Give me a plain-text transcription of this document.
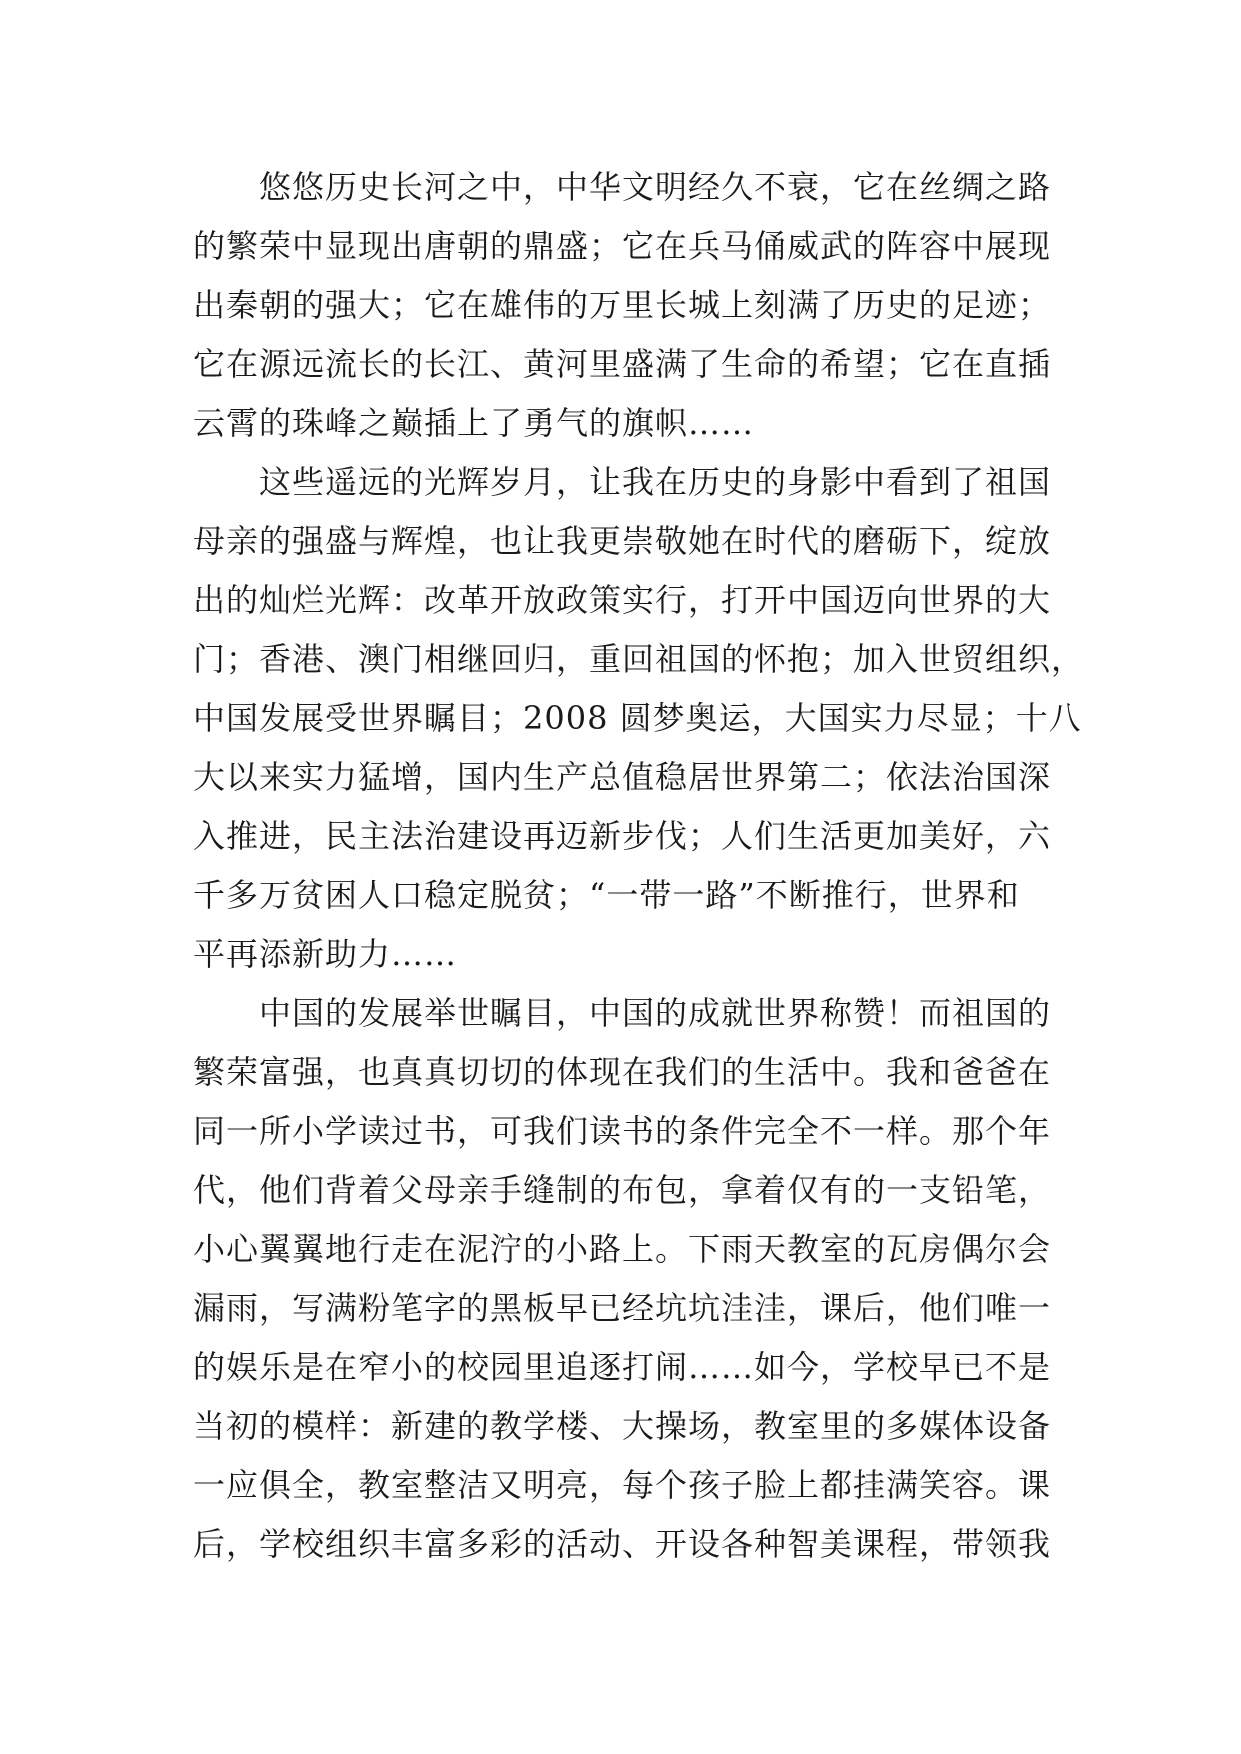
　　悠悠历史长河之中，中华文明经久不衰，它在丝绸之路
的繁荣中显现出唐朝的鼎盛；它在兵马俑威武的阵容中展现
出秦朝的强大；它在雄伟的万里长城上刻满了历史的足迹；
它在源远流长的长江、黄河里盛满了生命的希望；它在直插
云霄的珠峰之巅插上了勇气的旗帜……
　　这些遥远的光辉岁月，让我在历史的身影中看到了祖国
母亲的强盛与辉煌，也让我更崇敬她在时代的磨砺下，绽放
出的灿烂光辉：改革开放政策实行，打开中国迈向世界的大
门；香港、澳门相继回归，重回祖国的怀抱；加入世贸组织，
中国发展受世界瞩目；2008 圆梦奥运，大国实力尽显；十八
大以来实力猛增，国内生产总值稳居世界第二；依法治国深
入推进，民主法治建设再迈新步伐；人们生活更加美好，六
千多万贫困人口稳定脱贫；“一带一路”不断推行，世界和
平再添新助力……
　　中国的发展举世瞩目，中国的成就世界称赞！而祖国的
繁荣富强，也真真切切的体现在我们的生活中。我和爸爸在
同一所小学读过书，可我们读书的条件完全不一样。那个年
代，他们背着父母亲手缝制的布包，拿着仅有的一支铅笔，
小心翼翼地行走在泥泞的小路上。下雨天教室的瓦房偶尔会
漏雨，写满粉笔字的黑板早已经坑坑洼洼，课后，他们唯一
的娱乐是在窄小的校园里追逐打闹……如今，学校早已不是
当初的模样：新建的教学楼、大操场，教室里的多媒体设备
一应俱全，教室整洁又明亮，每个孩子脸上都挂满笑容。课
后，学校组织丰富多彩的活动、开设各种智美课程，带领我
